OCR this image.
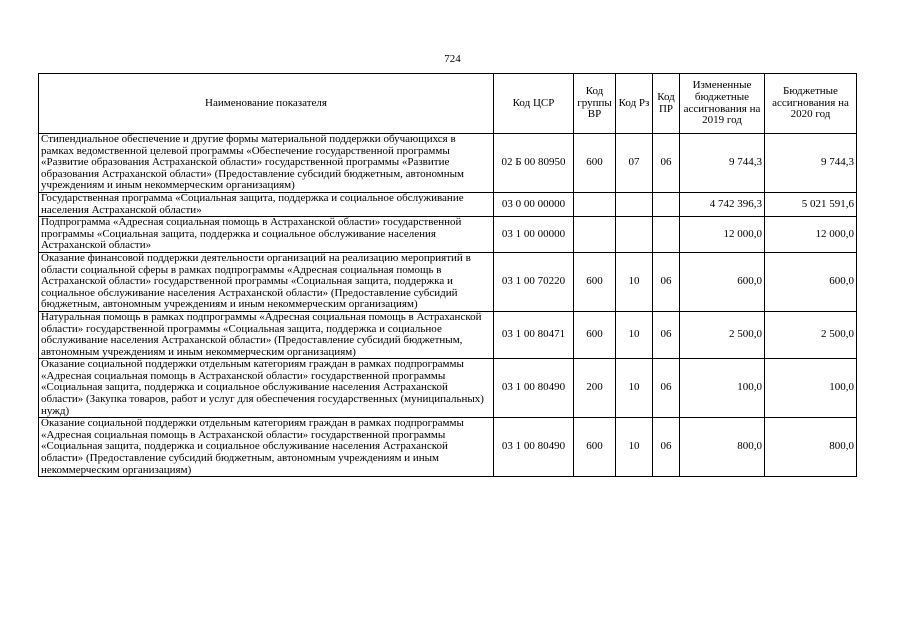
724
Наименование показателя	Код ЦСР	Код группы ВР	Код Рз	Код ПР	Измененные бюджетные ассигнования на 2019 год	Бюджетные ассигнования на 2020 год
Стипендиальное обеспечение и другие формы материальной поддержки обучающихся в рамках ведомственной целевой программы «Обеспечение государственной программы «Развитие образования Астраханской области» государственной программы «Развитие образования Астраханской области» (Предоставление субсидий бюджетным, автономным учреждениям и иным некоммерческим организациям)	02 Б 00 80950	600	07	06	9 744,3	9 744,3
Государственная программа «Социальная защита, поддержка и социальное обслуживание населения Астраханской области»	03 0 00 00000				4 742 396,3	5 021 591,6
Подпрограмма «Адресная социальная помощь в Астраханской области» государственной программы «Социальная защита, поддержка и социальное обслуживание населения Астраханской области»	03 1 00 00000				12 000,0	12 000,0
Оказание финансовой поддержки деятельности организаций на реализацию мероприятий в области социальной сферы в рамках подпрограммы «Адресная социальная помощь в Астраханской области» государственной программы «Социальная защита, поддержка и социальное обслуживание населения Астраханской области» (Предоставление субсидий бюджетным, автономным учреждениям и иным некоммерческим организациям)	03 1 00 70220	600	10	06	600,0	600,0
Натуральная помощь в рамках подпрограммы «Адресная социальная помощь в Астраханской области» государственной программы «Социальная защита, поддержка и социальное обслуживание населения Астраханской области» (Предоставление субсидий бюджетным, автономным учреждениям и иным некоммерческим организациям)	03 1 00 80471	600	10	06	2 500,0	2 500,0
Оказание социальной поддержки отдельным категориям граждан в рамках подпрограммы «Адресная социальная помощь в Астраханской области» государственной программы «Социальная защита, поддержка и социальное обслуживание населения Астраханской области» (Закупка товаров, работ и услуг для обеспечения государственных (муниципальных) нужд)	03 1 00 80490	200	10	06	100,0	100,0
Оказание социальной поддержки отдельным категориям граждан в рамках подпрограммы «Адресная социальная помощь в Астраханской области» государственной программы «Социальная защита, поддержка и социальное обслуживание населения Астраханской области» (Предоставление субсидий бюджетным, автономным учреждениям и иным некоммерческим организациям)	03 1 00 80490	600	10	06	800,0	800,0
